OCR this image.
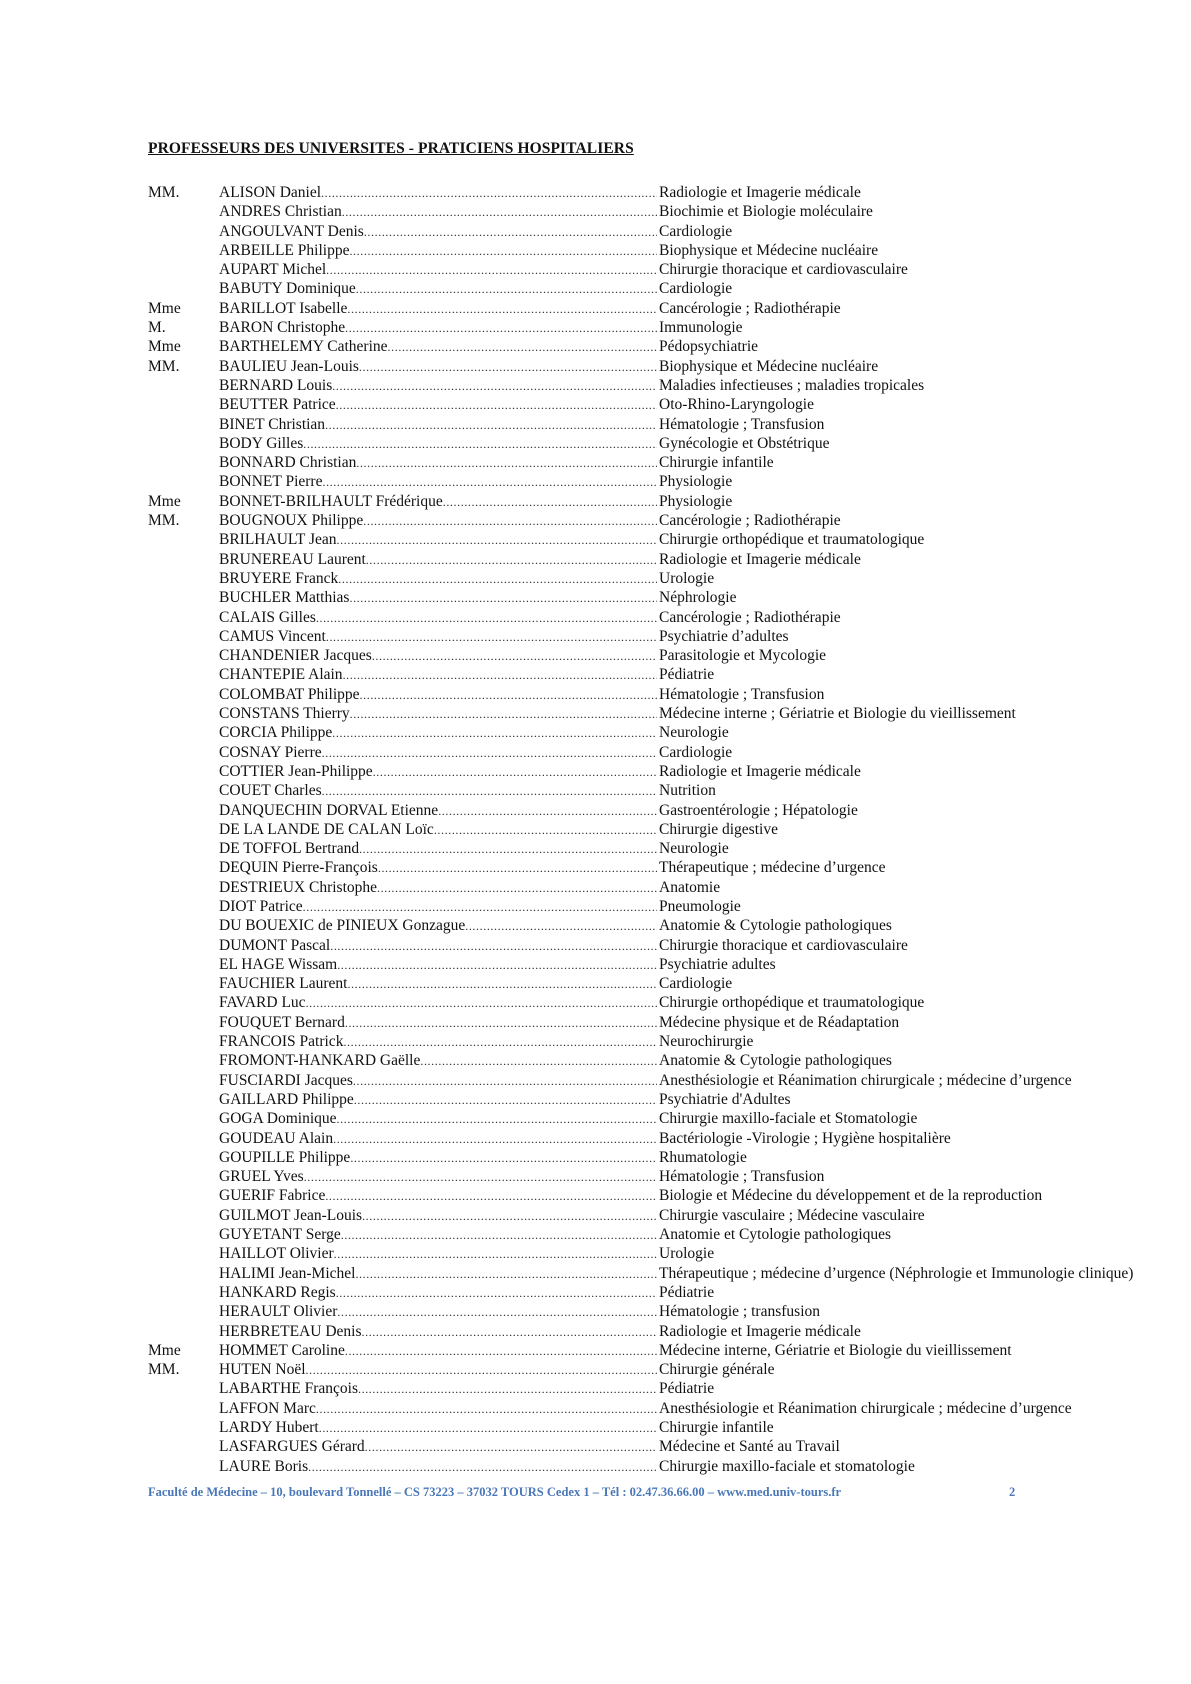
PROFESSEURS DES UNIVERSITES - PRATICIENS HOSPITALIERS
MM.	ALISON Daniel .....	Radiologie et Imagerie médicale
ANDRES Christian .....	Biochimie et Biologie moléculaire
ANGOULVANT Denis .....	Cardiologie
ARBEILLE Philippe .....	Biophysique et Médecine nucléaire
AUPART Michel .....	Chirurgie thoracique et cardiovasculaire
BABUTY Dominique .....	Cardiologie
Mme	BARILLOT Isabelle .....	Cancérologie ; Radiothérapie
M.	BARON Christophe .....	Immunologie
Mme	BARTHELEMY Catherine .....	Pédopsychiatrie
MM.	BAULIEU Jean-Louis .....	Biophysique et Médecine nucléaire
BERNARD Louis .....	Maladies infectieuses ; maladies tropicales
BEUTTER Patrice .....	Oto-Rhino-Laryngologie
BINET Christian .....	Hématologie ; Transfusion
BODY Gilles .....	Gynécologie et Obstétrique
BONNARD Christian .....	Chirurgie infantile
BONNET Pierre .....	Physiologie
Mme	BONNET-BRILHAULT Frédérique .....	Physiologie
MM.	BOUGNOUX Philippe .....	Cancérologie ; Radiothérapie
BRILHAULT Jean .....	Chirurgie orthopédique et traumatologique
BRUNEREAU Laurent .....	Radiologie et Imagerie médicale
BRUYERE Franck .....	Urologie
BUCHLER Matthias .....	Néphrologie
CALAIS Gilles .....	Cancérologie ; Radiothérapie
CAMUS Vincent .....	Psychiatrie d’adultes
CHANDENIER Jacques .....	Parasitologie et Mycologie
CHANTEPIE Alain .....	Pédiatrie
COLOMBAT Philippe .....	Hématologie ; Transfusion
CONSTANS Thierry .....	Médecine interne ; Gériatrie et Biologie du vieillissement
CORCIA Philippe .....	Neurologie
COSNAY Pierre .....	Cardiologie
COTTIER Jean-Philippe .....	Radiologie et Imagerie médicale
COUET Charles .....	Nutrition
DANQUECHIN DORVAL Etienne .....	Gastroentérologie ; Hépatologie
DE LA LANDE DE CALAN Loïc .....	Chirurgie digestive
DE TOFFOL Bertrand .....	Neurologie
DEQUIN Pierre-François .....	Thérapeutique ; médecine d’urgence
DESTRIEUX Christophe .....	Anatomie
DIOT Patrice .....	Pneumologie
DU BOUEXIC de PINIEUX Gonzague .....	Anatomie & Cytologie pathologiques
DUMONT Pascal .....	Chirurgie thoracique et cardiovasculaire
EL HAGE Wissam .....	Psychiatrie adultes
FAUCHIER Laurent .....	Cardiologie
FAVARD Luc .....	Chirurgie orthopédique et traumatologique
FOUQUET Bernard .....	Médecine physique et de Réadaptation
FRANCOIS Patrick .....	Neurochirurgie
FROMONT-HANKARD Gaëlle .....	Anatomie & Cytologie pathologiques
FUSCIARDI Jacques .....	Anesthésiologie et Réanimation chirurgicale ; médecine d’urgence
GAILLARD Philippe .....	Psychiatrie d'Adultes
GOGA Dominique .....	Chirurgie maxillo-faciale et Stomatologie
GOUDEAU Alain .....	Bactériologie -Virologie ; Hygiène hospitalière
GOUPILLE Philippe .....	Rhumatologie
GRUEL Yves .....	Hématologie ; Transfusion
GUERIF Fabrice .....	Biologie et Médecine du développement et de la reproduction
GUILMOT Jean-Louis .....	Chirurgie vasculaire ; Médecine vasculaire
GUYETANT Serge .....	Anatomie et Cytologie pathologiques
HAILLOT Olivier .....	Urologie
HALIMI Jean-Michel .....	Thérapeutique ; médecine d’urgence (Néphrologie et Immunologie clinique)
HANKARD Regis .....	Pédiatrie
HERAULT Olivier .....	Hématologie ; transfusion
HERBRETEAU Denis .....	Radiologie et Imagerie médicale
Mme	HOMMET Caroline .....	Médecine interne, Gériatrie et Biologie du vieillissement
MM.	HUTEN Noël .....	Chirurgie générale
LABARTHE François .....	Pédiatrie
LAFFON Marc .....	Anesthésiologie et Réanimation chirurgicale ; médecine d’urgence
LARDY Hubert .....	Chirurgie infantile
LASFARGUES Gérard .....	Médecine et Santé au Travail
LAURE Boris .....	Chirurgie maxillo-faciale et stomatologie
Faculté de Médecine – 10, boulevard Tonnellé – CS 73223 – 37032 TOURS Cedex 1 – Tél : 02.47.36.66.00 – www.med.univ-tours.fr	2
